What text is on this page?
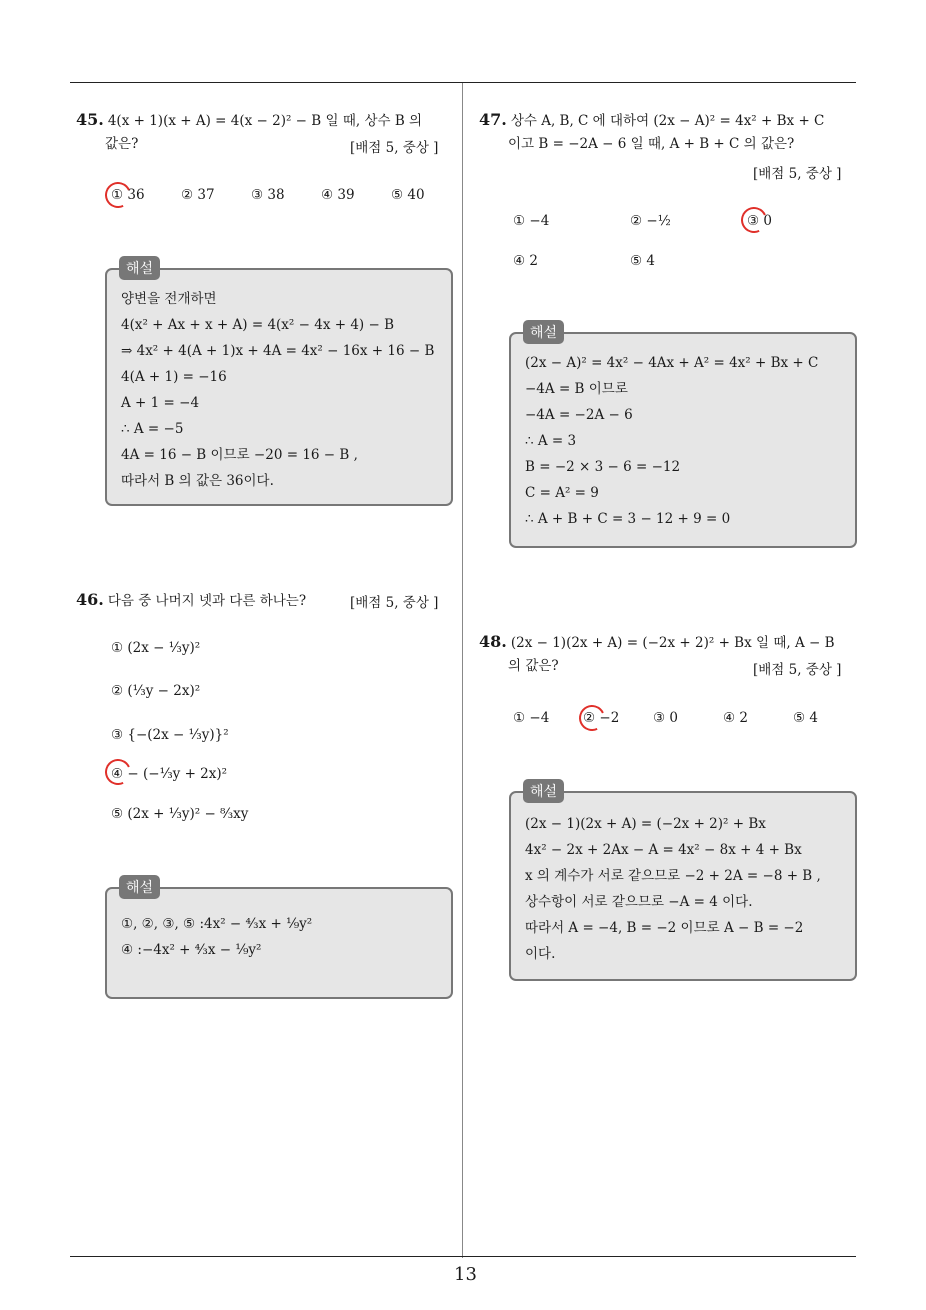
13
45. 4(x + 1)(x + A) = 4(x − 2)² − B 일 때, 상수 B 의
값은?	[배점 5, 중상 ]
① 36	② 37	③ 38	④ 39	⑤ 40
양변을 전개하면
4(x² + Ax + x + A) = 4(x² − 4x + 4) − B
⇒ 4x² + 4(A + 1)x + 4A = 4x² − 16x + 16 − B
4(A + 1) = −16
A + 1 = −4
∴ A = −5
4A = 16 − B 이므로 −20 = 16 − B ,
따라서 B 의 값은 36이다.
해설
46. 다음 중 나머지 넷과 다른 하나는?	[배점 5, 중상 ]
① (2x − ⅓y)²
② (⅓y − 2x)²
③ {−(2x − ⅓y)}²
④ − (−⅓y + 2x)²
⑤ (2x + ⅓y)² − ⁸⁄₃xy
①, ②, ③, ⑤ :4x² − ⁴⁄₃x + ⅑y²
④ :−4x² + ⁴⁄₃x − ⅑y²
해설
47. 상수 A, B, C 에 대하여 (2x − A)² = 4x² + Bx + C
이고 B = −2A − 6 일 때, A + B + C 의 값은?
[배점 5, 중상 ]
① −4	② −½	③ 0
④ 2	⑤ 4
(2x − A)² = 4x² − 4Ax + A² = 4x² + Bx + C
−4A = B 이므로
−4A = −2A − 6
∴ A = 3
B = −2 × 3 − 6 = −12
C = A² = 9
∴ A + B + C = 3 − 12 + 9 = 0
해설
48. (2x − 1)(2x + A) = (−2x + 2)² + Bx 일 때, A − B
의 값은?	[배점 5, 중상 ]
① −4 ② −2 ③ 0	④ 2	⑤ 4
(2x − 1)(2x + A) = (−2x + 2)² + Bx
4x² − 2x + 2Ax − A = 4x² − 8x + 4 + Bx
x 의 계수가 서로 같으므로 −2 + 2A = −8 + B ,
상수항이 서로 같으므로 −A = 4 이다.
따라서 A = −4, B = −2 이므로 A − B = −2
이다.
해설
